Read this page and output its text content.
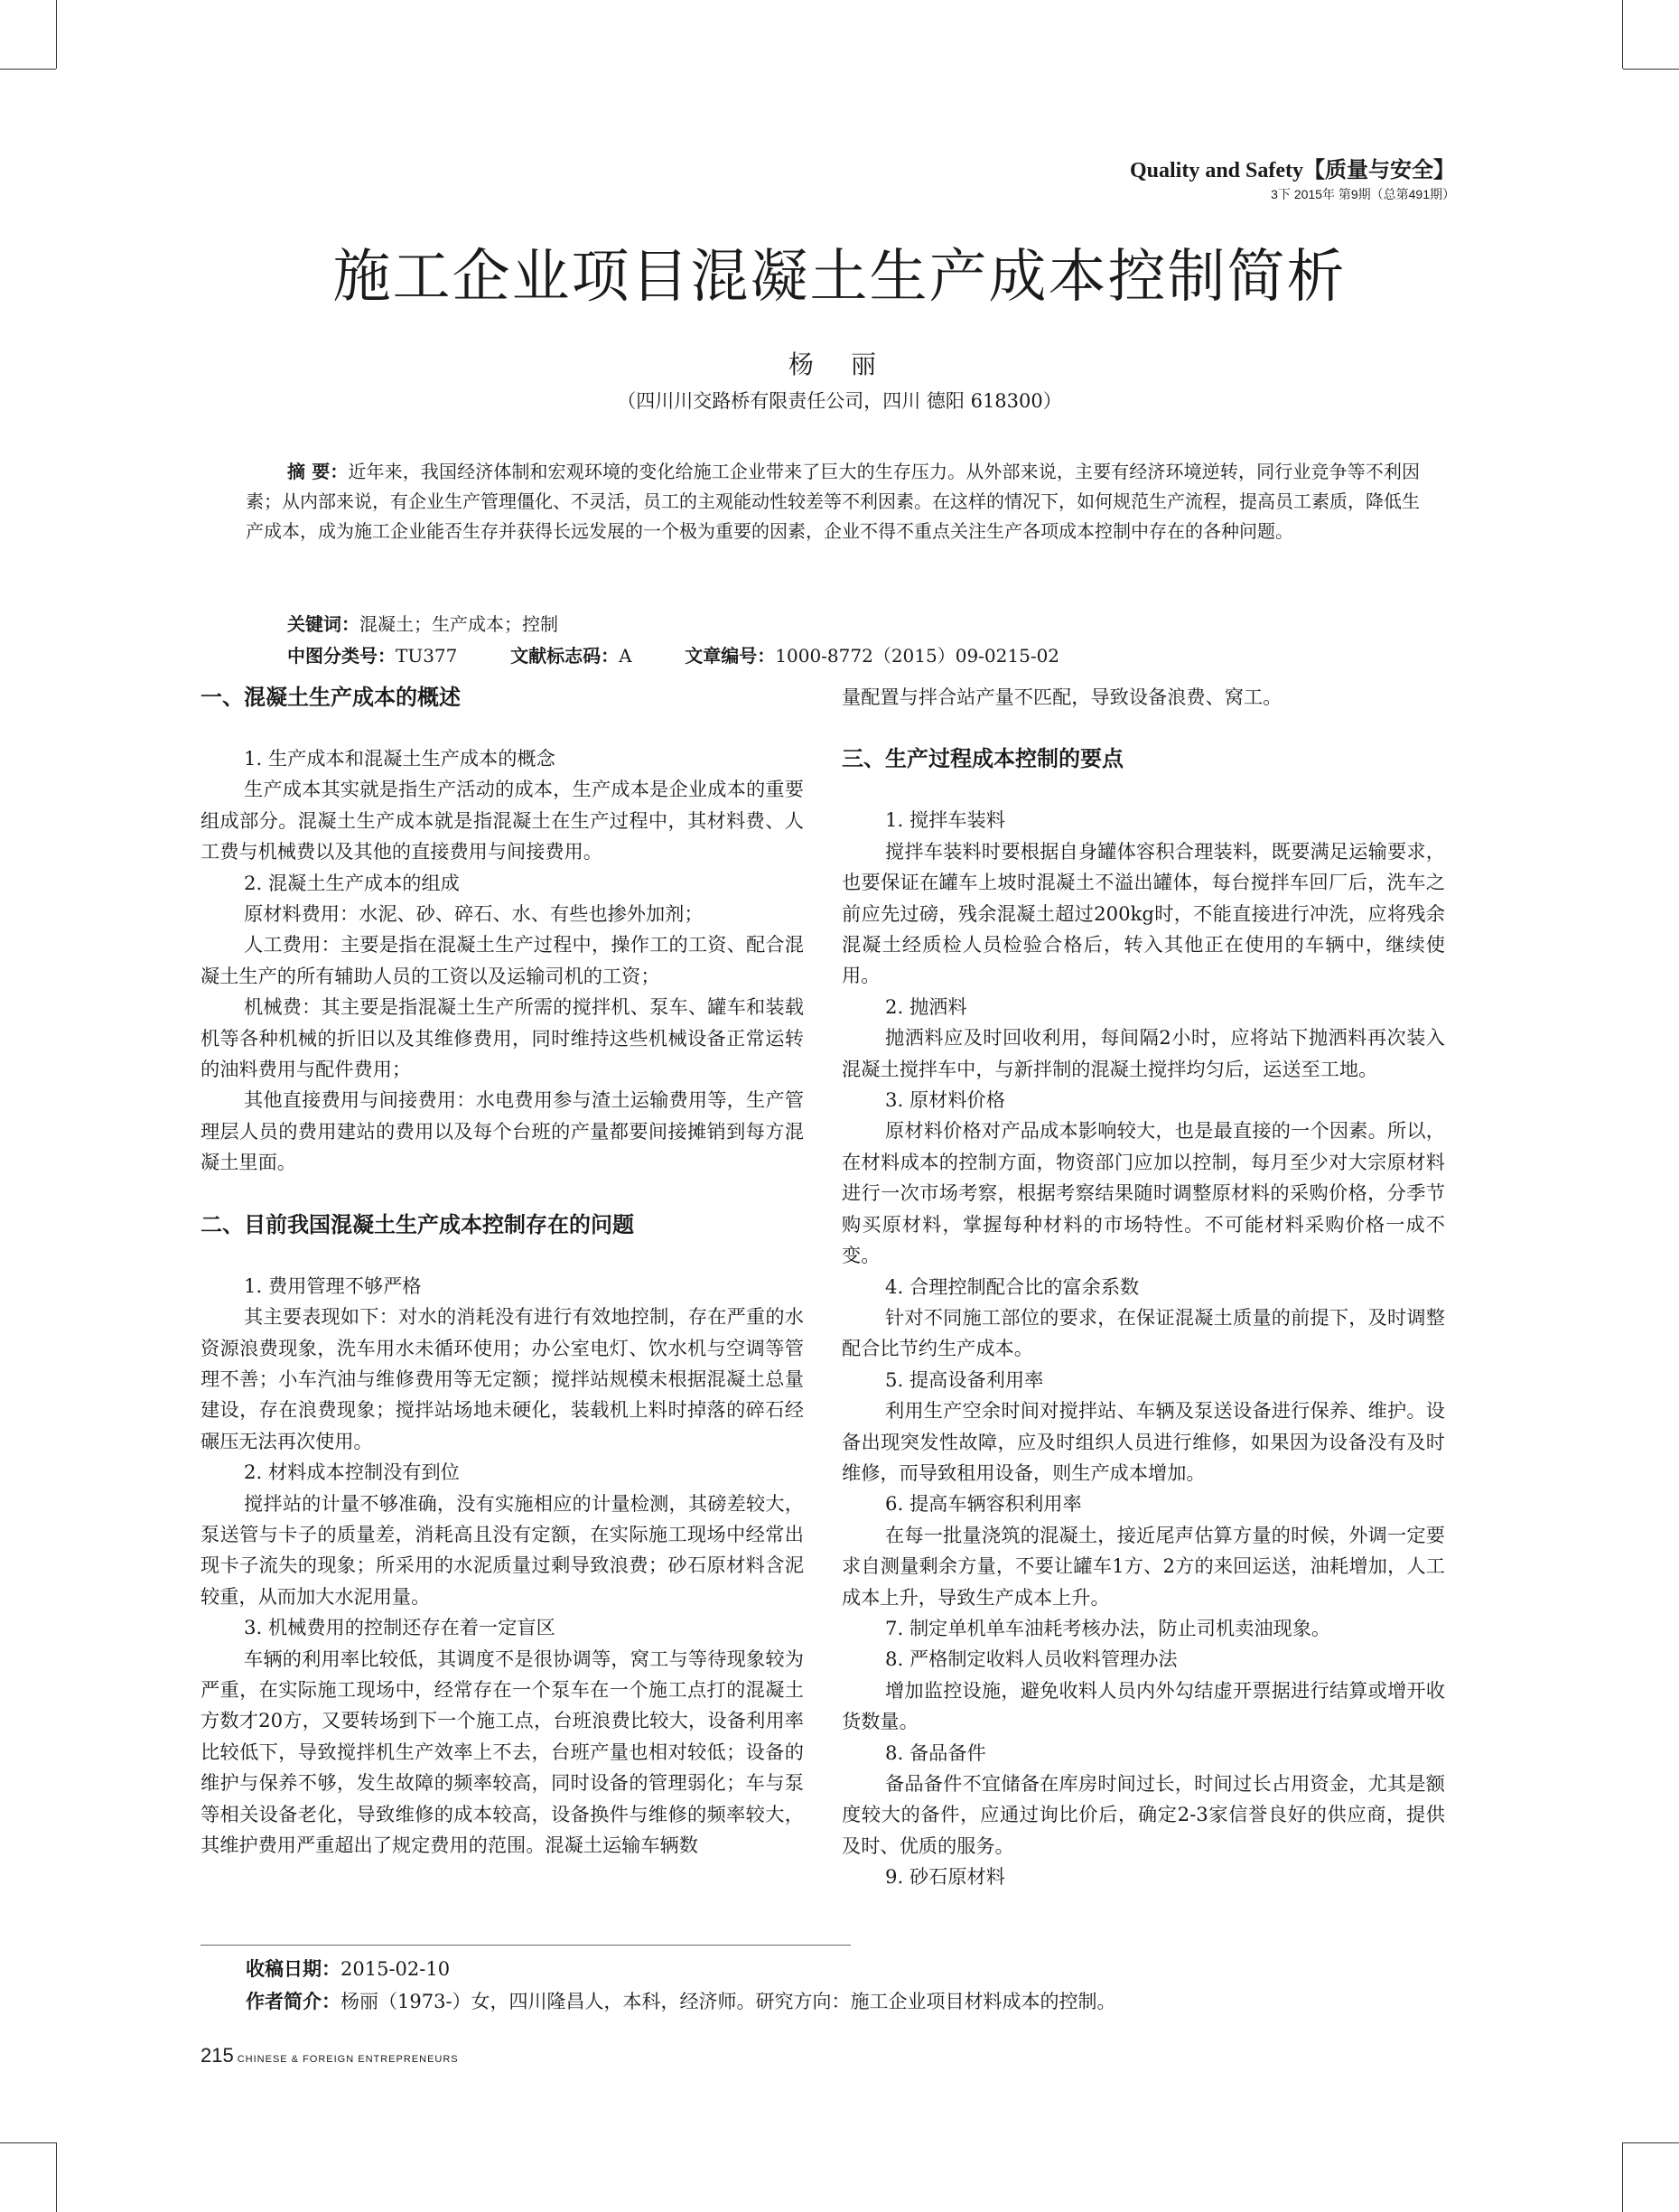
Quality and Safety【质量与安全】
3下 2015年 第9期（总第491期）
施工企业项目混凝土生产成本控制简析
杨 丽
（四川川交路桥有限责任公司，四川 德阳 618300）
摘 要：近年来，我国经济体制和宏观环境的变化给施工企业带来了巨大的生存压力。从外部来说，主要有经济环境逆转，同行业竞争等不利因素；从内部来说，有企业生产管理僵化、不灵活，员工的主观能动性较差等不利因素。在这样的情况下，如何规范生产流程，提高员工素质，降低生产成本，成为施工企业能否生存并获得长远发展的一个极为重要的因素，企业不得不重点关注生产各项成本控制中存在的各种问题。
关键词：混凝土；生产成本；控制
中图分类号：TU377	文献标志码：A	文章编号：1000-8772（2015）09-0215-02
一、混凝土生产成本的概述
1. 生产成本和混凝土生产成本的概念
生产成本其实就是指生产活动的成本，生产成本是企业成本的重要组成部分。混凝土生产成本就是指混凝土在生产过程中，其材料费、人工费与机械费以及其他的直接费用与间接费用。
2. 混凝土生产成本的组成
原材料费用：水泥、砂、碎石、水、有些也掺外加剂；
人工费用：主要是指在混凝土生产过程中，操作工的工资、配合混凝土生产的所有辅助人员的工资以及运输司机的工资；
机械费：其主要是指混凝土生产所需的搅拌机、泵车、罐车和装载机等各种机械的折旧以及其维修费用，同时维持这些机械设备正常运转的油料费用与配件费用；
其他直接费用与间接费用：水电费用参与渣土运输费用等，生产管理层人员的费用建站的费用以及每个台班的产量都要间接摊销到每方混凝土里面。
二、目前我国混凝土生产成本控制存在的问题
1. 费用管理不够严格
其主要表现如下：对水的消耗没有进行有效地控制，存在严重的水资源浪费现象，洗车用水未循环使用；办公室电灯、饮水机与空调等管理不善；小车汽油与维修费用等无定额；搅拌站规模未根据混凝土总量建设，存在浪费现象；搅拌站场地未硬化，装载机上料时掉落的碎石经碾压无法再次使用。
2. 材料成本控制没有到位
搅拌站的计量不够准确，没有实施相应的计量检测，其磅差较大，泵送管与卡子的质量差，消耗高且没有定额，在实际施工现场中经常出现卡子流失的现象；所采用的水泥质量过剩导致浪费；砂石原材料含泥较重，从而加大水泥用量。
3. 机械费用的控制还存在着一定盲区
车辆的利用率比较低，其调度不是很协调等，窝工与等待现象较为严重，在实际施工现场中，经常存在一个泵车在一个施工点打的混凝土方数才20方，又要转场到下一个施工点，台班浪费比较大，设备利用率比较低下，导致搅拌机生产效率上不去，台班产量也相对较低；设备的维护与保养不够，发生故障的频率较高，同时设备的管理弱化；车与泵等相关设备老化，导致维修的成本较高，设备换件与维修的频率较大，其维护费用严重超出了规定费用的范围。混凝土运输车辆数
量配置与拌合站产量不匹配，导致设备浪费、窝工。
三、生产过程成本控制的要点
1. 搅拌车装料
搅拌车装料时要根据自身罐体容积合理装料，既要满足运输要求，也要保证在罐车上坡时混凝土不溢出罐体，每台搅拌车回厂后，洗车之前应先过磅，残余混凝土超过200kg时，不能直接进行冲洗，应将残余混凝土经质检人员检验合格后，转入其他正在使用的车辆中，继续使用。
2. 抛洒料
抛洒料应及时回收利用，每间隔2小时，应将站下抛洒料再次装入混凝土搅拌车中，与新拌制的混凝土搅拌均匀后，运送至工地。
3. 原材料价格
原材料价格对产品成本影响较大，也是最直接的一个因素。所以，在材料成本的控制方面，物资部门应加以控制，每月至少对大宗原材料进行一次市场考察，根据考察结果随时调整原材料的采购价格，分季节购买原材料，掌握每种材料的市场特性。不可能材料采购价格一成不变。
4. 合理控制配合比的富余系数
针对不同施工部位的要求，在保证混凝土质量的前提下，及时调整配合比节约生产成本。
5. 提高设备利用率
利用生产空余时间对搅拌站、车辆及泵送设备进行保养、维护。设备出现突发性故障，应及时组织人员进行维修，如果因为设备没有及时维修，而导致租用设备，则生产成本增加。
6. 提高车辆容积利用率
在每一批量浇筑的混凝土，接近尾声估算方量的时候，外调一定要求自测量剩余方量，不要让罐车1方、2方的来回运送，油耗增加，人工成本上升，导致生产成本上升。
7. 制定单机单车油耗考核办法，防止司机卖油现象。
8. 严格制定收料人员收料管理办法
增加监控设施，避免收料人员内外勾结虚开票据进行结算或增开收货数量。
8. 备品备件
备品备件不宜储备在库房时间过长，时间过长占用资金，尤其是额度较大的备件，应通过询比价后，确定2-3家信誉良好的供应商，提供及时、优质的服务。
9. 砂石原材料
收稿日期：2015-02-10
作者简介：杨丽（1973-）女，四川隆昌人，本科，经济师。研究方向：施工企业项目材料成本的控制。
215 CHINESE & FOREIGN ENTREPRENEURS
